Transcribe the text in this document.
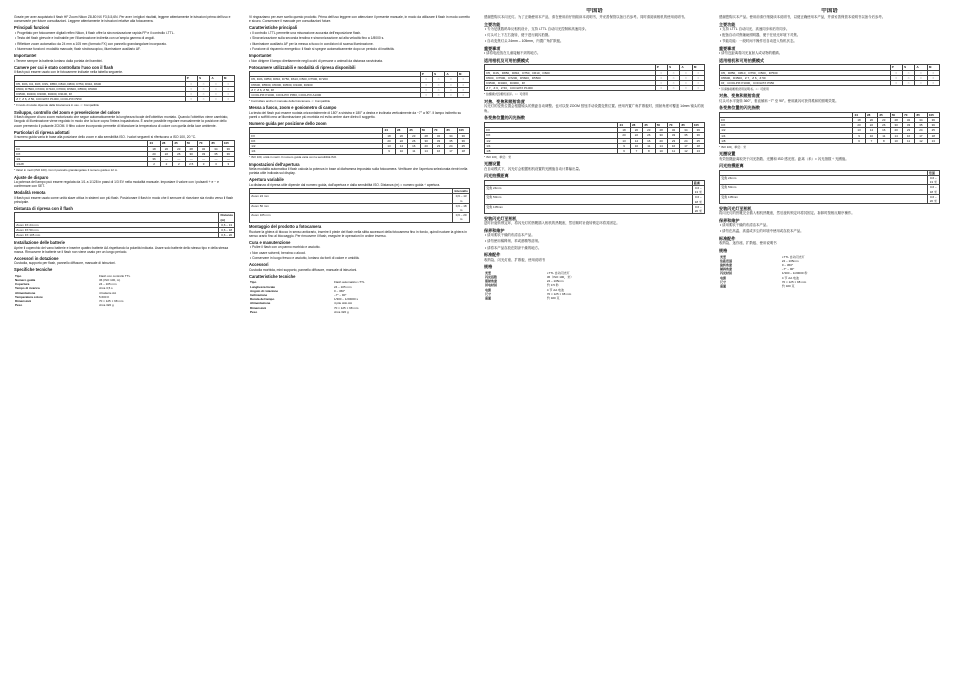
Grazie per aver acquistato il flash HF Zoom Nikon Z8-80 NX F3,5-5,6N. Per aver i migliori risultati, leggere attentamente le istruzioni prima dell'uso e conservarle per future consultazioni. Leggere attentamente le istruzioni relative alla fotocamera.

Principali funzioni

• Progettato per fotocamere digitali reflex Nikon, il flash offre la sincronizzazione rapida FP e il controllo i-TTL.

• Testa del flash girevole e inclinabile per l'illuminazione indiretta con un'ampia gamma di angoli.

• Riflettore zoom automatico da 24 mm a 105 mm (formato FX) con pannello grandangolare incorporato.

• Numerose funzioni: modalità manuale, flash stroboscopico, illuminatore ausiliario AF.

Importante!

• Tenere sempre la batteria lontano dalla portata dei bambini.

Camere per cui è stato controllato l'uso con il flash

Il flash può essere usato con le fotocamere indicate nella tabella seguente.

	P	S	A	M
D5, D4S, D4, D3X, D3S, D850, D810, D800, D750, D610, D600	○	○	○	○
D500, D7500, D7200, D7100, D7000, D5600, D5500, D5300	○	○	○	○
D3500, D3400, D3300, D3200, D3100, Df	○	○	○	○
Z 7, Z 6, Z 50, COOLPIX P1000, COOLPIX P950	○	○	○	○
* Il modo di scatto dipende dalla fotocamera in uso. ○: Compatibile
Sviluppo, controllo del zoom e preselezione del colore

Il flash dispone di uno zoom motorizzato che segue automaticamente la lunghezza focale dell'obiettivo montato. Quando l'obiettivo viene cambiato, l'angolo di illuminazione viene regolato in modo che la luce copra l'intera inquadratura. È anche possibile regolare manualmente la posizione dello zoom premendo il pulsante ZOOM. Il filtro colore incorporato permette di bilanciare la temperatura di colore con quella della luce ambiente.

Particolari di ripresa adottati

Il numero guida varia in base alla posizione dello zoom e alla sensibilità ISO. I valori seguenti si riferiscono a ISO 100, 20 °C.

	24	28	35	50	70	85	105
FX	18	20	23	28	32	34	36
DX	20	22	26	30	33	35	36
1/1	36	—	—	—	—	—	—
1/128	2	2	2	2.5	3	3	3
* Valori in metri (ISO 100). Con il pannello grandangolare il numero guida è 12 m.
Ajuste de disparo

La potenza del lampo può essere regolata da 1/1 a 1/128 in passi di 1/3 EV nella modalità manuale. Impostare il valore con i pulsanti + e − e confermare con SET.

Modalità remota

Il flash può essere usato come unità slave ottica in sistemi con più flash. Posizionare il flash in modo che il sensore di ricezione sia rivolto verso il flash principale.

Distanza di ripresa con il flash
	Distanza (m)
Zoom FX 24 mm	0,6 – 13
Zoom FX 50 mm	0,6 – 18
Zoom FX 105 mm	0,6 – 20
Installazione delle batterie

Aprire il coperchio del vano batterie e inserire quattro batterie AA rispettando la polarità indicata. Usare solo batterie dello stesso tipo e della stessa marca. Rimuovere le batterie se il flash non viene usato per un lungo periodo.

Accessori in dotazione

Custodia, supporto per flash, pannello diffusore, manuale di istruzioni.

Specifiche tecniche
Tipo	Flash con controllo TTL
Numero guida	36 (ISO 100, m)
Copertura	24 – 105 mm
Tempo di ricarica	circa 3,5 s
Alimentazione	4 batterie AA
Temperatura colore	5.600 K
Dimensioni	70 × 125 × 98 mm
Peso	circa 320 g

Vi ringraziamo per aver scelto questo prodotto. Prima dell'uso leggere con attenzione il presente manuale, in modo da utilizzare il flash in modo corretto e sicuro. Conservare il manuale per consultazioni future.

Caratteristiche principali

• Il controllo i-TTL permette una misurazione accurata dell'esposizione flash.

• Sincronizzazione sulla seconda tendina e sincronizzazione ad alta velocità fino a 1/8000 s.

• Illuminatore ausiliario AF per la messa a fuoco in condizioni di scarsa illuminazione.

• Funzione di risparmio energetico: il flash si spegne automaticamente dopo un periodo di inattività.

Importante!

• Non dirigere il lampo direttamente negli occhi di persone o animali da distanza ravvicinata.

Fotocamere utilizzabili e modalità di ripresa disponibili
	P	S	A	M
D5, D4S, D850, D810, D750, D610, D500, D7500, D7200	○	○	○	○
D5600, D5500, D5300, D3500, D3400, D3300	○	○	○	○
Z 7, Z 6, Z 50, Df	○	○	○	○
COOLPIX P1000, COOLPIX P950, COOLPIX A1000	○	○	○	○
* Controllare anche il manuale della fotocamera. ○: Compatibile
Messa a fuoco, zoom e goniometro di campo

La testa del flash può essere ruotata orizzontalmente di 180° a sinistra e 180° a destra e inclinata verticalmente da −7° a 90°. Il lampo indiretto su pareti o soffitti crea un'illuminazione più morbida ed evita ombre dure dietro il soggetto.

Numero guida per posizione dello zoom
	24	28	35	50	70	85	105
FX	18	20	23	28	32	34	36
DX	20	22	26	30	33	35	36
1/2	13	14	16	20	23	24	25
1/4	9	10	11	14	16	17	18
* ISO 100, unità in metri. Il numero guida varia con la sensibilità ISO.
Impostazioni dell'apertura

Nella modalità automatica il flash calcola la potenza in base al diaframma impostato sulla fotocamera. Verificare che l'apertura selezionata rientri nella portata utile indicata sul display.

Apertura variabile

La distanza di ripresa utile dipende dal numero guida, dall'apertura e dalla sensibilità ISO. Distanza (m) = numero guida ÷ apertura.

	Intervallo
Zoom 24 mm	0,6 – 13 m
Zoom 50 mm	0,6 – 18 m
Zoom 105 mm	0,6 – 20 m
Montaggio del prodotto a fotocamera

Ruotare la ghiera di blocco in senso antiorario, inserire il piede del flash nella slitta accessori della fotocamera fino in fondo, quindi ruotare la ghiera in senso orario fino al bloccaggio. Per rimuovere il flash, eseguire le operazioni in ordine inverso.

Cura e manutenzione

• Pulire il flash con un panno morbido e asciutto.

• Non usare solventi, benzina o alcool.

• Conservare in luogo fresco e asciutto, lontano da fonti di calore e umidità.

Accessori

Custodia morbida, mini supporto, pannello diffusore, manuale di istruzioni.

Caratteristiche tecniche
Tipo	Flash automatico i-TTL
Lunghezza focale	24 – 105 mm
Angolo di rotazione	0 – 360°
Inclinazione	−7° – 90°
Durata del lampo	1/300 – 1/20000 s
Alimentazione	4 pile stilo AA
Dimensioni	70 × 125 × 98 mm
Peso	circa 320 g
中国语

感谢您购买本闪光灯。为了正确使用本产品，请在使用前仔细阅读本说明书，并妥善保管以备日后参考。同时请阅读相机的使用说明书。

主要功能

• 专为尼康数码单反相机设计，支持 i-TTL 自动闪光控制和高速同步。

• 灯头可上下左右旋转，便于进行跳闪拍摄。

• 自动变焦灯头 24mm – 105mm，内置广角扩散板。

重要事项

• 请将电池放在儿童接触不到的地方。

适用相机及可用拍摄模式
	P	S	A	M
D5、D4S、D850、D810、D750、D610、D600	○	○	○	○
D500、D7500、D7200、D5600、D5500	○	○	○	○
D3500、D3400、D3300、Df	○	○	○	○
Z 7、Z 6、Z 50、COOLPIX P1000	○	○	○	○
* 拍摄模式因相机而异。○：可使用
对焦、变焦和照射角度

闪光灯的变焦位置会根据镜头的焦距自动调整。也可以按 ZOOM 按钮手动设置变焦位置。使用内置广角扩散板时，照射角度可覆盖 14mm 镜头的视角。

各变焦位置的闪光指数
	24	28	35	50	70	85	105
FX	18	20	23	28	32	34	36
DX	20	22	26	30	33	35	36
1/2	13	14	16	20	23	24	25
1/4	9	10	11	14	16	17	18
1/8	6	7	8	10	11	12	13
* ISO 100，单位：米
光圈设置

在自动模式下，闪光灯会根据相机设置的光圈值自动计算输出量。

闪光拍摄距离
	距离
变焦 24mm	0.6 – 13 米
变焦 50mm	0.6 – 18 米
变焦 105mm	0.6 – 20 米
安装闪光灯至相机

逆时针旋转锁定环，将闪光灯的热靴插入相机的热靴座，然后顺时针旋转锁定环将其固定。

保养和维护

• 请用柔软干燥的布清洁本产品。

• 请勿使用稀释剂、苯或酒精等溶剂。

• 请将本产品存放在阴凉干燥的地方。

标准配件

收纳袋、闪光灯座、扩散板、使用说明书

规格
类型	i-TTL 自动闪光灯
闪光指数	36（ISO 100，米）
照射角度	24 – 105mm
回电时间	约 3.5 秒
电源	4 节 AA 电池
尺寸	70 × 125 × 98 mm
重量	约 320 克
中国语

感谢您购买本产品。使用前请仔细阅读本说明书，以便正确使用本产品，并请妥善保管本说明书以备今后参考。

主要功能

• 支持 i-TTL 自动闪光、高速同步和后帘同步。

• 配备自动对焦辅助照明器，便于在低光环境下对焦。

• 节能功能：一段时间不操作后自动进入待机状态。

重要事项

• 请勿近距离将闪光直射人或动物的眼睛。

适用相机和可用拍摄模式
	P	S	A	M
D5、D850、D810、D750、D500、D7500	○	○	○	○
D5600、D3500、Z 7、Z 6、Z 50	○	○	○	○
Df、COOLPIX P1000、COOLPIX P950	○	○	○	○
* 另请参阅相机使用说明书。○：可使用
对焦、变焦和照射角度

灯头可水平旋转 360°，垂直倾斜 −7° 至 90°。使用跳闪可获得柔和的照明效果。

各变焦位置的闪光指数
	24	28	35	50	70	85	105
FX	18	20	23	28	32	34	36
DX	20	22	26	30	33	35	36
1/2	13	14	16	20	23	24	25
1/4	9	10	11	14	16	17	18
1/8	6	7	8	10	11	12	13
* ISO 100，单位：米
光圈设置

有效拍摄距离取决于闪光指数、光圈和 ISO 感光度。距离（米）= 闪光指数 ÷ 光圈值。

闪光拍摄距离
	范围
变焦 24mm	0.6 – 13 米
变焦 50mm	0.6 – 18 米
变焦 105mm	0.6 – 20 米
安装闪光灯至相机

将闪光灯的热靴完全插入相机热靴座，然后旋转锁定环将其固定。拆卸时按相反顺序操作。

保养和维护

• 请用柔软干燥的布清洁本产品。

• 请勿在高温、高湿或多尘的环境中使用或存放本产品。

标准配件

收纳袋、迷你座、扩散板、使用说明书

规格
类型	i-TTL 自动闪光灯
焦距范围	24 – 105mm
旋转角度	0 – 360°
倾斜角度	−7° – 90°
闪光时间	1/300 – 1/20000 秒
电源	4 节 AA 电池
尺寸	70 × 125 × 98 mm
重量	约 320 克
